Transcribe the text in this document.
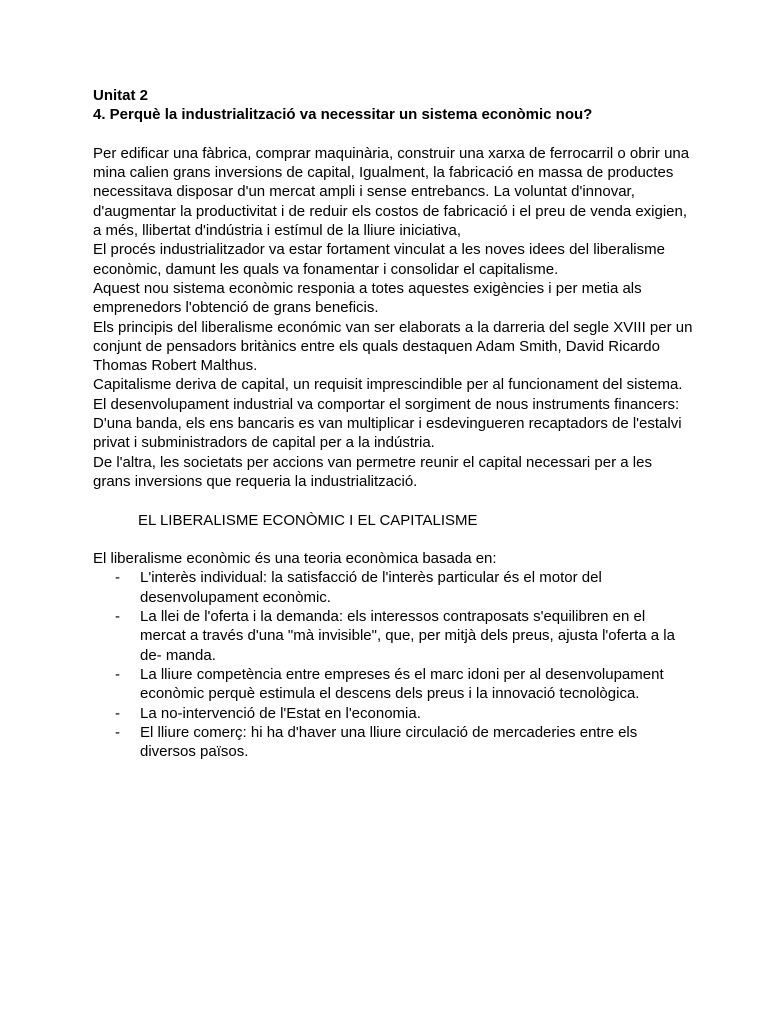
Unitat 2

4. Perquè la industrialització va necessitar un sistema econòmic nou?

Per edificar una fàbrica, comprar maquinària, construir una xarxa de ferrocarril o obrir una mina calien grans inversions de capital, Igualment, la fabricació en massa de productes necessitava disposar d'un mercat ampli i sense entrebancs. La voluntat d'innovar, d'augmentar la productivitat i de reduir els costos de fabricació i el preu de venda exigien, a més, llibertat d'indústria i estímul de la lliure iniciativa,

El procés industrialitzador va estar fortament vinculat a les noves idees del liberalisme econòmic, damunt les quals va fonamentar i consolidar el capitalisme.

Aquest nou sistema econòmic responia a totes aquestes exigències i per metia als emprenedors l'obtenció de grans beneficis.

Els principis del liberalisme económic van ser elaborats a la darreria del segle XVIII per un conjunt de pensadors britànics entre els quals destaquen Adam Smith, David Ricardo Thomas Robert Malthus.

Capitalisme deriva de capital, un requisit imprescindible per al funcionament del sistema. El desenvolupament industrial va comportar el sorgiment de nous instruments financers:

D'una banda, els ens bancaris es van multiplicar i esdevingueren recaptadors de l'estalvi privat i subministradors de capital per a la indústria.

De l'altra, les societats per accions van permetre reunir el capital necessari per a les grans inversions que requeria la industrialització.

EL LIBERALISME ECONÒMIC I EL CAPITALISME

El liberalisme econòmic és una teoria econòmica basada en:

- L'interès individual: la satisfacció de l'interès particular és el motor del desenvolupament econòmic.
- La llei de l'oferta i la demanda: els interessos contraposats s'equilibren en el mercat a través d'una "mà invisible", que, per mitjà dels preus, ajusta l'oferta a la de- manda.
- La lliure competència entre empreses és el marc idoni per al desenvolupament econòmic perquè estimula el descens dels preus i la innovació tecnològica.
- La no-intervenció de l'Estat en l'economia.
- El lliure comerç: hi ha d'haver una lliure circulació de mercaderies entre els diversos països.
